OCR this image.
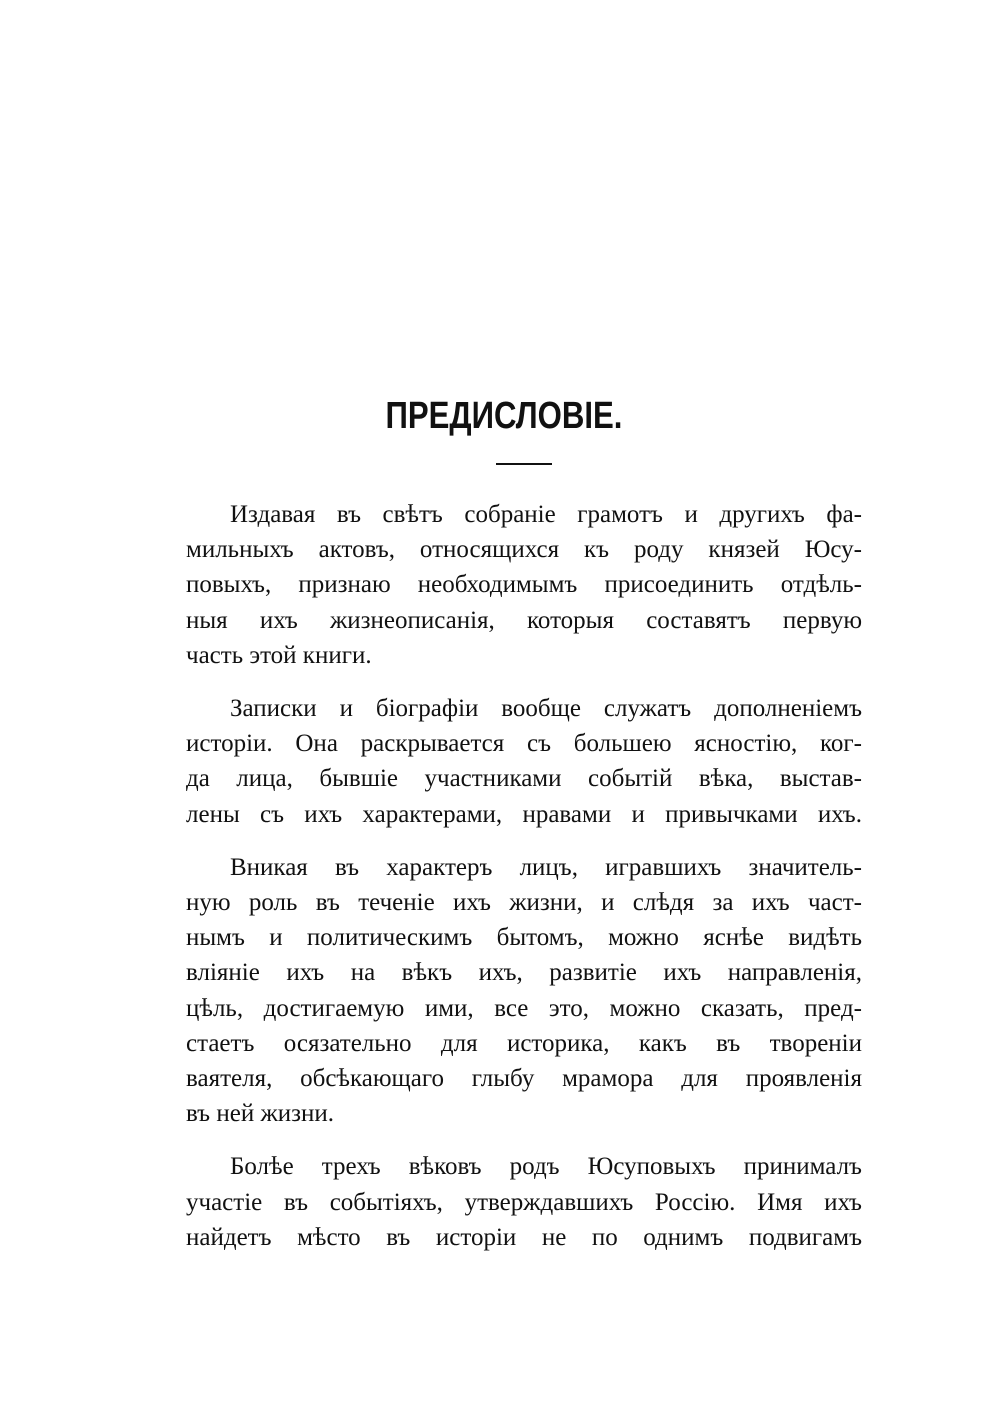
ПРЕДИСЛОВІЕ.

Издавая въ свѣтъ собраніе грамотъ и другихъ фа-
мильныхъ актовъ, относящихся къ роду князей Юсу-
повыхъ, признаю необходимымъ присоединить отдѣль-
ныя ихъ жизнеописанія, которыя составятъ первую
часть этой книги.

Записки и біографіи вообще служатъ дополненіемъ
исторіи. Она раскрывается съ большею ясностію, ког-
да лица, бывшіе участниками событій вѣка, выстав-
лены съ ихъ характерами, нравами и привычками ихъ.

Вникая въ характеръ лицъ, игравшихъ значитель-
ную роль въ теченіе ихъ жизни, и слѣдя за ихъ част-
нымъ и политическимъ бытомъ, можно яснѣе видѣть
вліяніе ихъ на вѣкъ ихъ, развитіе ихъ направленія,
цѣль, достигаемую ими, все это, можно сказать, пред-
стаетъ осязательно для историка, какъ въ твореніи
ваятеля, обсѣкающаго глыбу мрамора для проявленія
въ ней жизни.

Болѣе трехъ вѣковъ родъ Юсуповыхъ принималъ
участіе въ событіяхъ, утверждавшихъ Россію. Имя ихъ
найдетъ мѣсто въ исторіи не по однимъ подвигамъ
